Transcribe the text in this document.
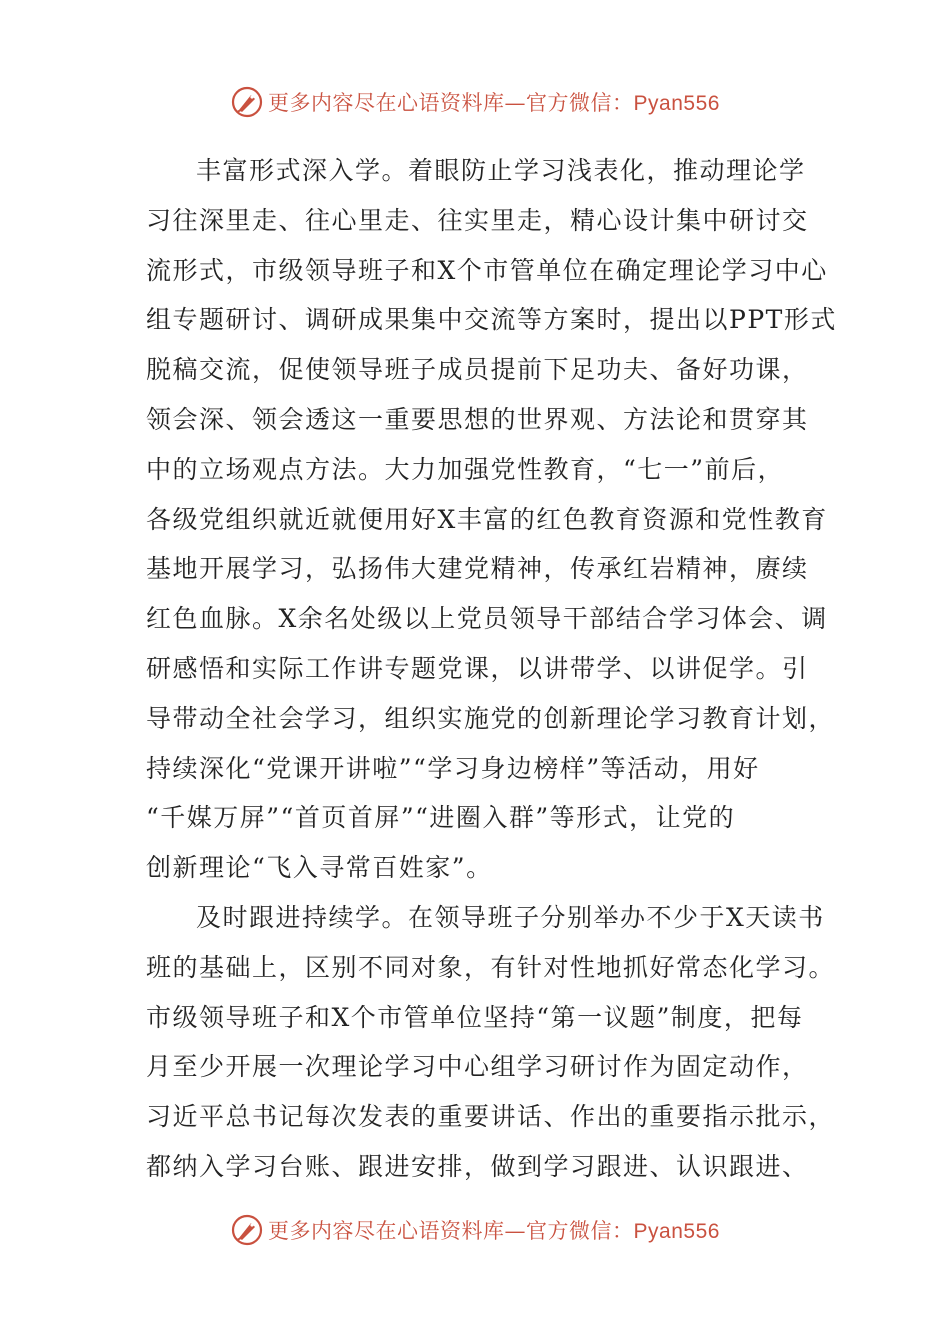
更多内容尽在心语资料库—官方微信：Pyan556
丰富形式深入学。着眼防止学习浅表化，推动理论学
习往深里走、往心里走、往实里走，精心设计集中研讨交
流形式，市级领导班子和X个市管单位在确定理论学习中心
组专题研讨、调研成果集中交流等方案时，提出以PPT形式
脱稿交流，促使领导班子成员提前下足功夫、备好功课，
领会深、领会透这一重要思想的世界观、方法论和贯穿其
中的立场观点方法。大力加强党性教育，“七一”前后，
各级党组织就近就便用好X丰富的红色教育资源和党性教育
基地开展学习，弘扬伟大建党精神，传承红岩精神，赓续
红色血脉。X余名处级以上党员领导干部结合学习体会、调
研感悟和实际工作讲专题党课，以讲带学、以讲促学。引
导带动全社会学习，组织实施党的创新理论学习教育计划，
持续深化“党课开讲啦”“学习身边榜样”等活动，用好
“千媒万屏”“首页首屏”“进圈入群”等形式，让党的
创新理论“飞入寻常百姓家”。
及时跟进持续学。在领导班子分别举办不少于X天读书
班的基础上，区别不同对象，有针对性地抓好常态化学习。
市级领导班子和X个市管单位坚持“第一议题”制度，把每
月至少开展一次理论学习中心组学习研讨作为固定动作，
习近平总书记每次发表的重要讲话、作出的重要指示批示，
都纳入学习台账、跟进安排，做到学习跟进、认识跟进、
更多内容尽在心语资料库—官方微信：Pyan556
